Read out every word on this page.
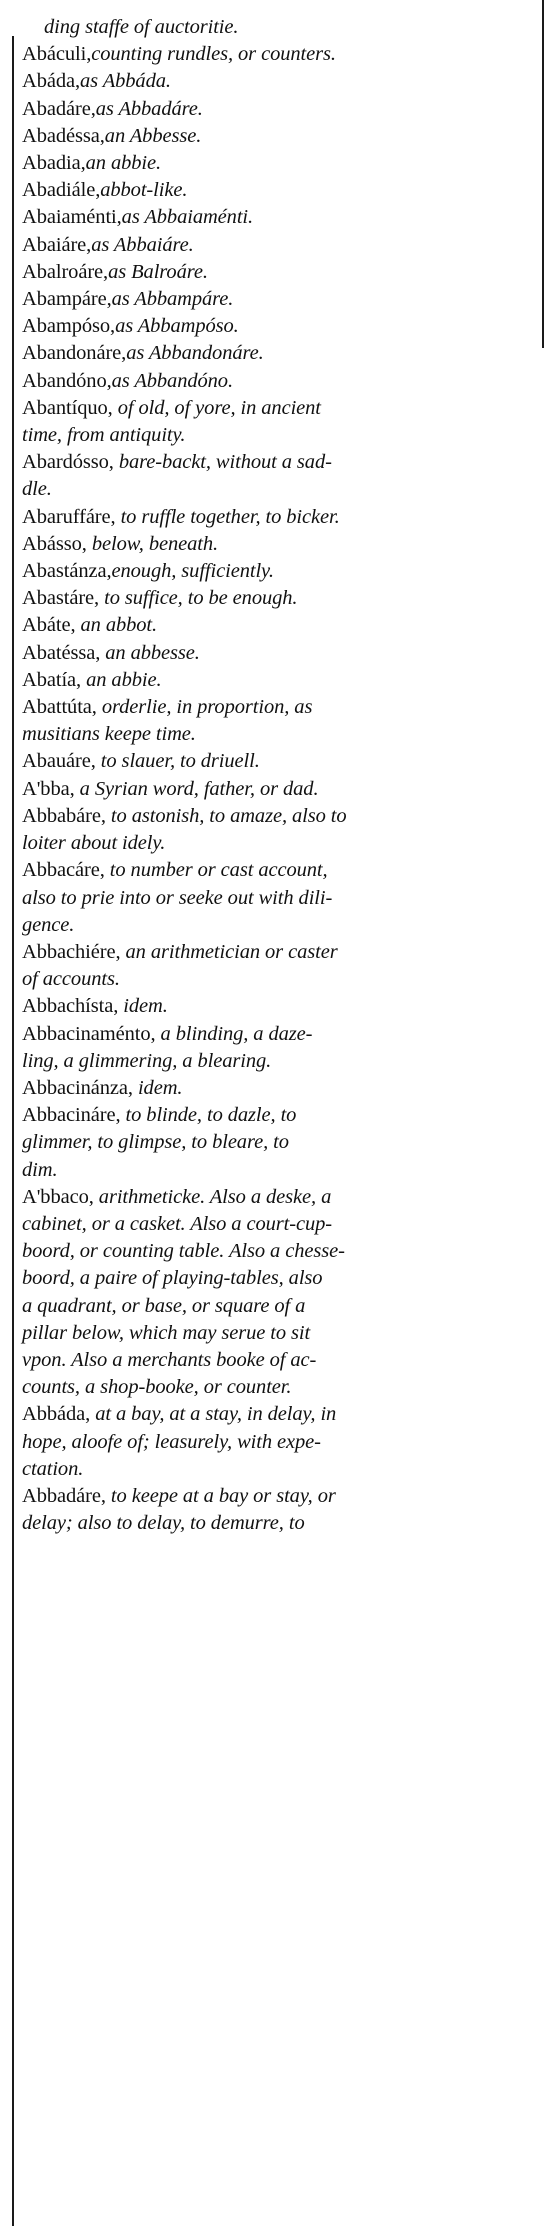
ding staffe of auctoritie.
Abáculi,counting rundles, or counters.
Abáda,as Abbáda.
Abadáre,as Abbadáre.
Abadéssa,an Abbesse.
Abadia,an abbie.
Abadiále,abbot-like.
Abaiaménti,as Abbaiaménti.
Abaiáre,as Abbaiáre.
Abalroáre,as Balroáre.
Abampáre,as Abbampáre.
Abampóso,as Abbampóso.
Abandonáre,as Abbandonáre.
Abandóno,as Abbandóno.
Abantíquo, of old, of yore, in ancient
time, from antiquity.
Abardósso, bare-backt, without a sad-
dle.
Abaruffáre, to ruffle together, to bicker.
Abásso, below, beneath.
Abastánza,enough, sufficiently.
Abastáre, to suffice, to be enough.
Abáte, an abbot.
Abatéssa, an abbesse.
Abatía, an abbie.
Abattúta, orderlie, in proportion, as
musitians keepe time.
Abauáre, to slauer, to driuell.
A'bba, a Syrian word, father, or dad.
Abbabáre, to astonish, to amaze, also to
loiter about idely.
Abbacáre, to number or cast account,
also to prie into or seeke out with dili-
gence.
Abbachiére, an arithmetician or caster
of accounts.
Abbachísta, idem.
Abbacinaménto, a blinding, a daze-
ling, a glimmering, a blearing.
Abbacinánza, idem.
Abbacináre, to blinde, to dazle, to
glimmer, to glimpse, to bleare, to
dim.
A'bbaco, arithmeticke. Also a deske, a
cabinet, or a casket. Also a court-cup-
boord, or counting table. Also a chesse-
boord, a paire of playing-tables, also
a quadrant, or base, or square of a
pillar below, which may serue to sit
vpon. Also a merchants booke of ac-
counts, a shop-booke, or counter.
Abbáda, at a bay, at a stay, in delay, in
hope, aloofe of; leasurely, with expe-
ctation.
Abbadáre, to keepe at a bay or stay, or
delay; also to delay, to demurre, to
